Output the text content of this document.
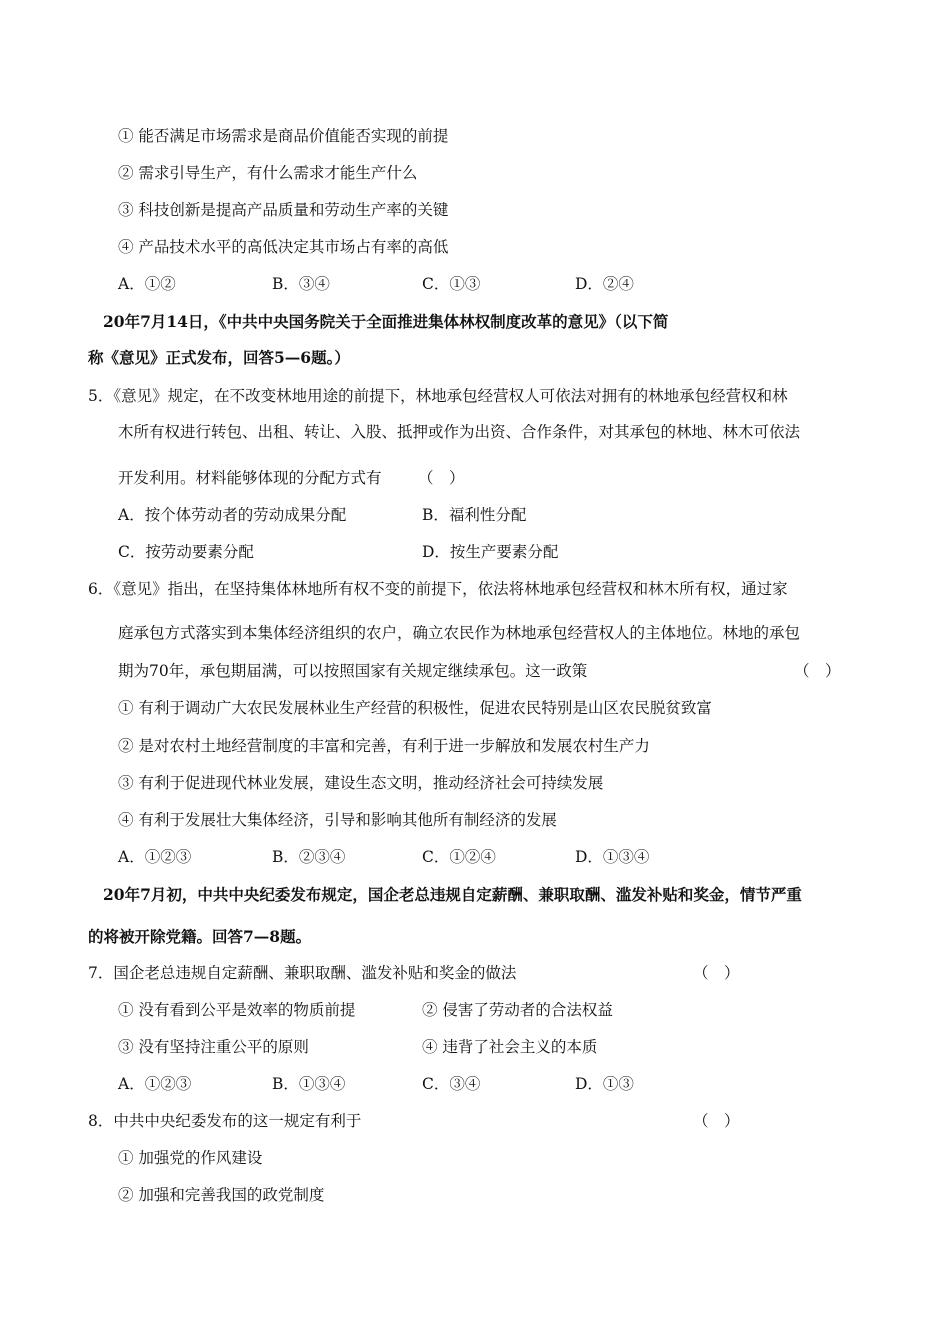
① 能否满足市场需求是商品价值能否实现的前提
② 需求引导生产，有什么需求才能生产什么
③ 科技创新是提高产品质量和劳动生产率的关键
④ 产品技术水平的高低决定其市场占有率的高低
A．①②	B．③④	C．①③	D．②④
20年7月14日，《中共中央国务院关于全面推进集体林权制度改革的意见》（以下简
称《意见》正式发布，回答5—6题。）
5．《意见》规定，在不改变林地用途的前提下，林地承包经营权人可依法对拥有的林地承包经营权和林
木所有权进行转包、出租、转让、入股、抵押或作为出资、合作条件，对其承包的林地、林木可依法
开发利用。材料能够体现的分配方式有 （　）
A．按个体劳动者的劳动成果分配	B．福利性分配
C．按劳动要素分配	D．按生产要素分配
6．《意见》指出，在坚持集体林地所有权不变的前提下，依法将林地承包经营权和林木所有权，通过家
庭承包方式落实到本集体经济组织的农户，确立农民作为林地承包经营权人的主体地位。林地的承包
期为70年，承包期届满，可以按照国家有关规定继续承包。这一政策	（　）
① 有利于调动广大农民发展林业生产经营的积极性，促进农民特别是山区农民脱贫致富
② 是对农村土地经营制度的丰富和完善，有利于进一步解放和发展农村生产力
③ 有利于促进现代林业发展，建设生态文明，推动经济社会可持续发展
④ 有利于发展壮大集体经济，引导和影响其他所有制经济的发展
A．①②③	B．②③④	C．①②④	D．①③④
20年7月初，中共中央纪委发布规定，国企老总违规自定薪酬、兼职取酬、滥发补贴和奖金，情节严重
的将被开除党籍。回答7—8题。
7．国企老总违规自定薪酬、兼职取酬、滥发补贴和奖金的做法	（　）
① 没有看到公平是效率的物质前提	② 侵害了劳动者的合法权益
③ 没有坚持注重公平的原则	④ 违背了社会主义的本质
A．①②③	B．①③④	C．③④	D．①③
8．中共中央纪委发布的这一规定有利于	（　）
① 加强党的作风建设
② 加强和完善我国的政党制度
